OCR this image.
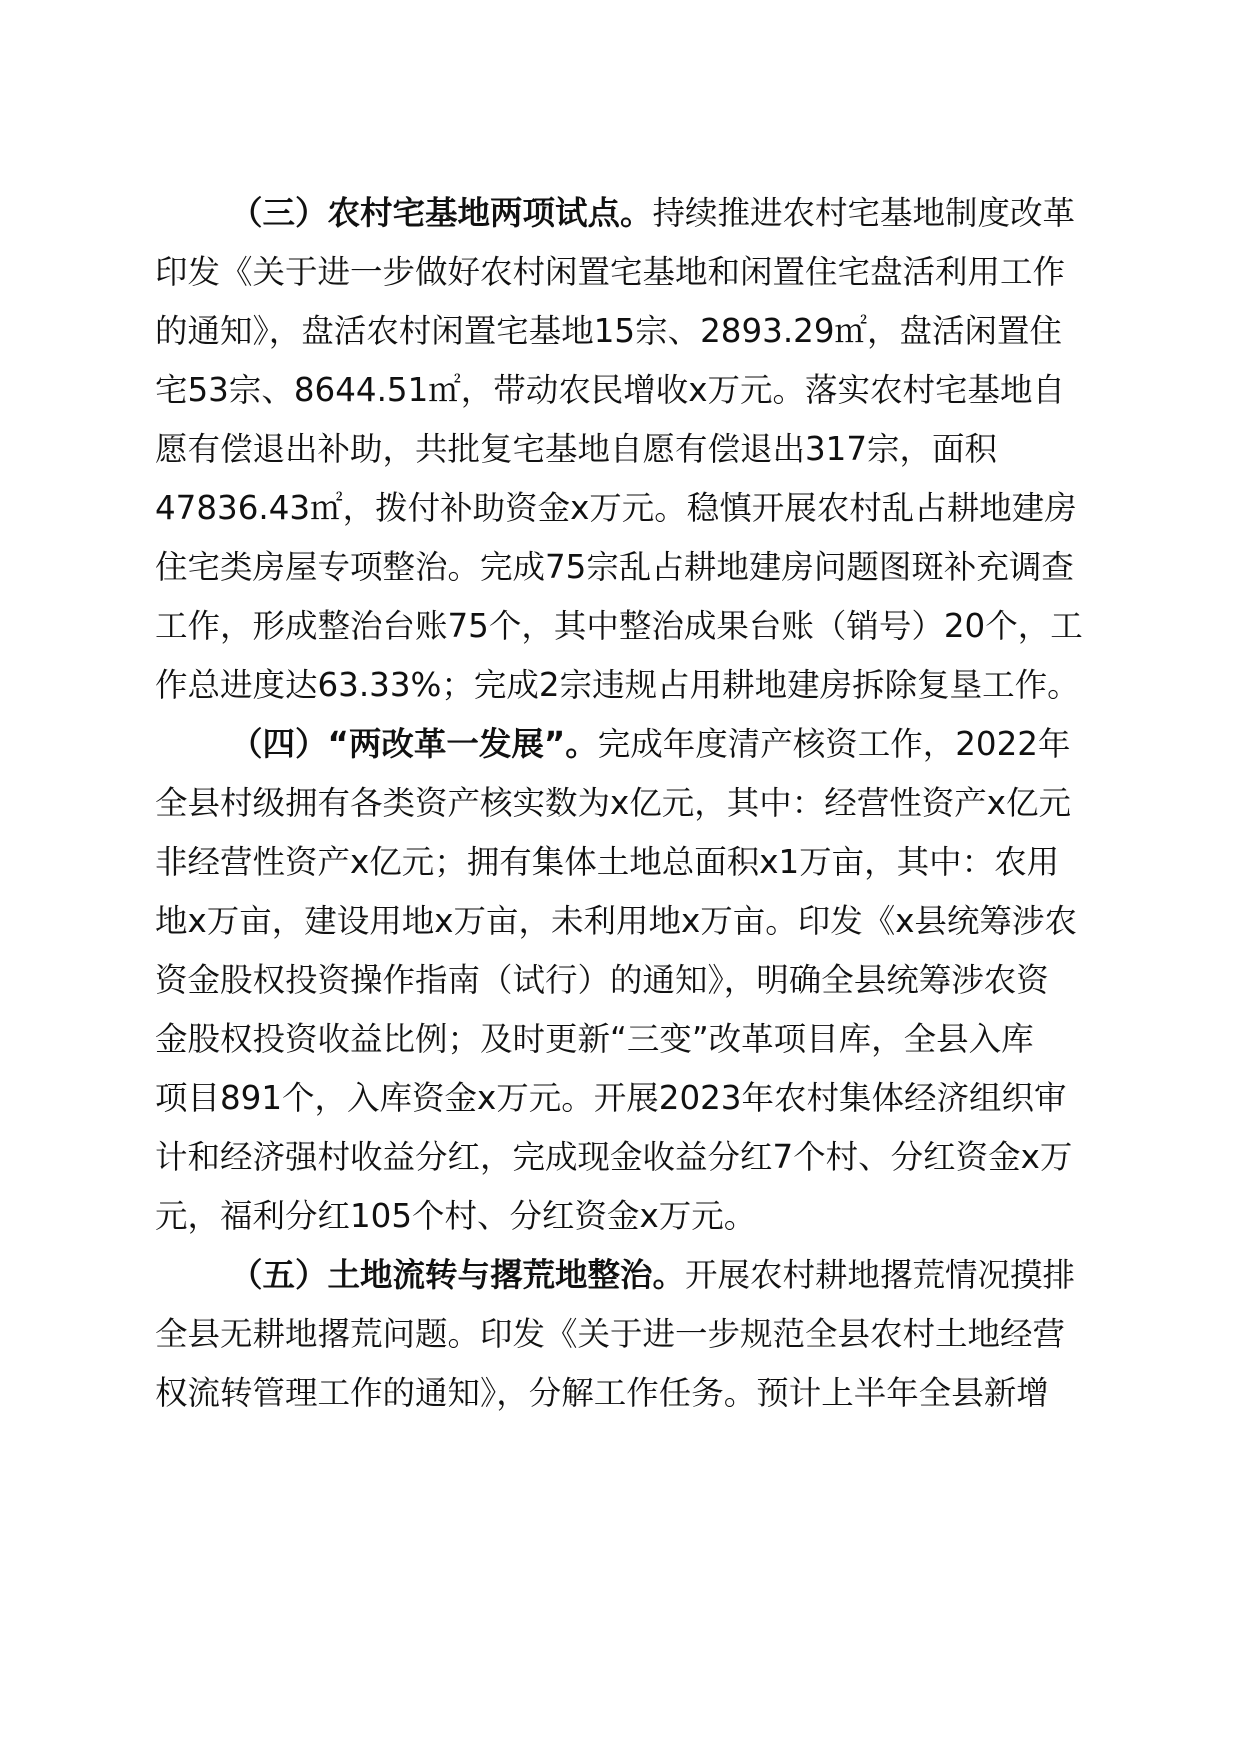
（三）农村宅基地两项试点。持续推进农村宅基地制度改革
印发《关于进一步做好农村闲置宅基地和闲置住宅盘活利用工作
的通知》，盘活农村闲置宅基地15宗、2893.29㎡，盘活闲置住
宅53宗、8644.51㎡，带动农民增收x万元。落实农村宅基地自
愿有偿退出补助，共批复宅基地自愿有偿退出317宗，面积
47836.43㎡，拨付补助资金x万元。稳慎开展农村乱占耕地建房
住宅类房屋专项整治。完成75宗乱占耕地建房问题图斑补充调查
工作，形成整治台账75个，其中整治成果台账（销号）20个，工
作总进度达63.33%；完成2宗违规占用耕地建房拆除复垦工作。
（四）“两改革一发展”。完成年度清产核资工作，2022年
全县村级拥有各类资产核实数为x亿元，其中：经营性资产x亿元
非经营性资产x亿元；拥有集体土地总面积x1万亩，其中：农用
地x万亩，建设用地x万亩，未利用地x万亩。印发《x县统筹涉农
资金股权投资操作指南（试行）的通知》，明确全县统筹涉农资
金股权投资收益比例；及时更新“三变”改革项目库，全县入库
项目891个，入库资金x万元。开展2023年农村集体经济组织审
计和经济强村收益分红，完成现金收益分红7个村、分红资金x万
元，福利分红105个村、分红资金x万元。
（五）土地流转与撂荒地整治。开展农村耕地撂荒情况摸排
全县无耕地撂荒问题。印发《关于进一步规范全县农村土地经营
权流转管理工作的通知》，分解工作任务。预计上半年全县新增
